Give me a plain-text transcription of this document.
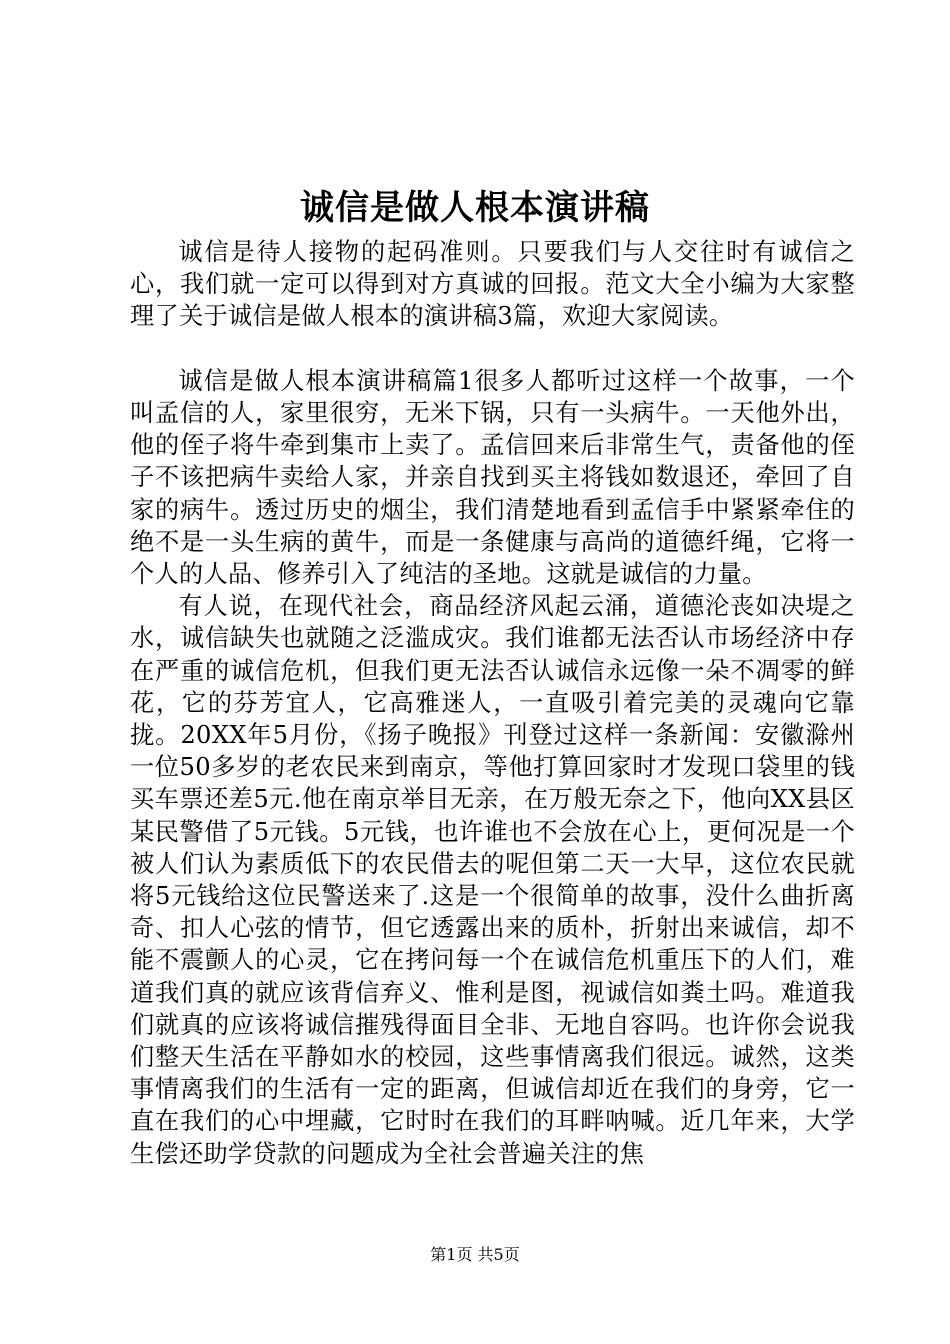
诚信是做人根本演讲稿

诚信是待人接物的起码准则。只要我们与人交往时有诚信之心，我们就一定可以得到对方真诚的回报。范文大全小编为大家整理了关于诚信是做人根本的演讲稿3篇，欢迎大家阅读。

诚信是做人根本演讲稿篇1很多人都听过这样一个故事，一个叫孟信的人，家里很穷，无米下锅，只有一头病牛。一天他外出，他的侄子将牛牵到集市上卖了。孟信回来后非常生气，责备他的侄子不该把病牛卖给人家，并亲自找到买主将钱如数退还，牵回了自家的病牛。透过历史的烟尘，我们清楚地看到孟信手中紧紧牵住的绝不是一头生病的黄牛，而是一条健康与高尚的道德纤绳，它将一个人的人品、修养引入了纯洁的圣地。这就是诚信的力量。

有人说，在现代社会，商品经济风起云涌，道德沦丧如决堤之水，诚信缺失也就随之泛滥成灾。我们谁都无法否认市场经济中存在严重的诚信危机，但我们更无法否认诚信永远像一朵不凋零的鲜花，它的芬芳宜人，它高雅迷人，一直吸引着完美的灵魂向它靠拢。20XX年5月份，《扬子晚报》刊登过这样一条新闻：安徽滁州一位50多岁的老农民来到南京，等他打算回家时才发现口袋里的钱买车票还差5元.他在南京举目无亲，在万般无奈之下，他向XX县区某民警借了5元钱。5元钱，也许谁也不会放在心上，更何况是一个被人们认为素质低下的农民借去的呢但第二天一大早，这位农民就将5元钱给这位民警送来了.这是一个很简单的故事，没什么曲折离奇、扣人心弦的情节，但它透露出来的质朴，折射出来诚信，却不能不震颤人的心灵，它在拷问每一个在诚信危机重压下的人们，难道我们真的就应该背信弃义、惟利是图，视诚信如粪土吗。难道我们就真的应该将诚信摧残得面目全非、无地自容吗。也许你会说我们整天生活在平静如水的校园，这些事情离我们很远。诚然，这类事情离我们的生活有一定的距离，但诚信却近在我们的身旁，它一直在我们的心中埋藏，它时时在我们的耳畔呐喊。近几年来，大学生偿还助学贷款的问题成为全社会普遍关注的焦

第1页 共5页
